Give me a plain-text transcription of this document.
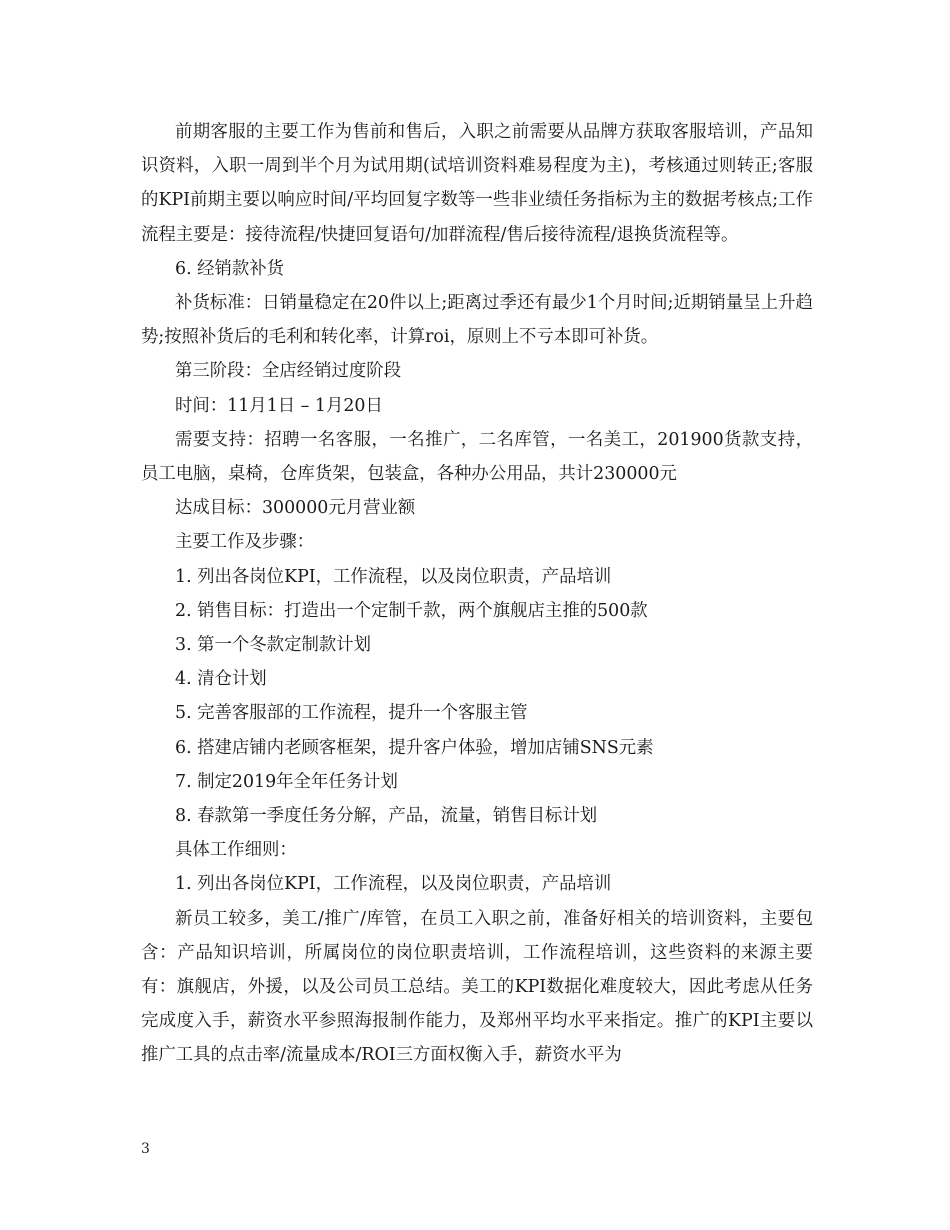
前期客服的主要工作为售前和售后，入职之前需要从品牌方获取客服培训，产品知识资料，入职一周到半个月为试用期(试培训资料难易程度为主)，考核通过则转正;客服的KPI前期主要以响应时间/平均回复字数等一些非业绩任务指标为主的数据考核点;工作流程主要是：接待流程/快捷回复语句/加群流程/售后接待流程/退换货流程等。

6. 经销款补货

补货标准：日销量稳定在20件以上;距离过季还有最少1个月时间;近期销量呈上升趋势;按照补货后的毛利和转化率，计算roi，原则上不亏本即可补货。

第三阶段：全店经销过度阶段

时间：11月1日 – 1月20日

需要支持：招聘一名客服，一名推广，二名库管，一名美工，201900货款支持，员工电脑，桌椅，仓库货架，包装盒，各种办公用品，共计230000元

达成目标：300000元月营业额

主要工作及步骤：

1. 列出各岗位KPI，工作流程，以及岗位职责，产品培训

2. 销售目标：打造出一个定制千款，两个旗舰店主推的500款

3. 第一个冬款定制款计划

4. 清仓计划

5. 完善客服部的工作流程，提升一个客服主管

6. 搭建店铺内老顾客框架，提升客户体验，增加店铺SNS元素

7. 制定2019年全年任务计划

8. 春款第一季度任务分解，产品，流量，销售目标计划

具体工作细则：

1. 列出各岗位KPI，工作流程，以及岗位职责，产品培训

新员工较多，美工/推广/库管，在员工入职之前，准备好相关的培训资料，主要包含：产品知识培训，所属岗位的岗位职责培训，工作流程培训，这些资料的来源主要有：旗舰店，外援，以及公司员工总结。美工的KPI数据化难度较大，因此考虑从任务完成度入手，薪资水平参照海报制作能力，及郑州平均水平来指定。推广的KPI主要以推广工具的点击率/流量成本/ROI三方面权衡入手，薪资水平为

3
